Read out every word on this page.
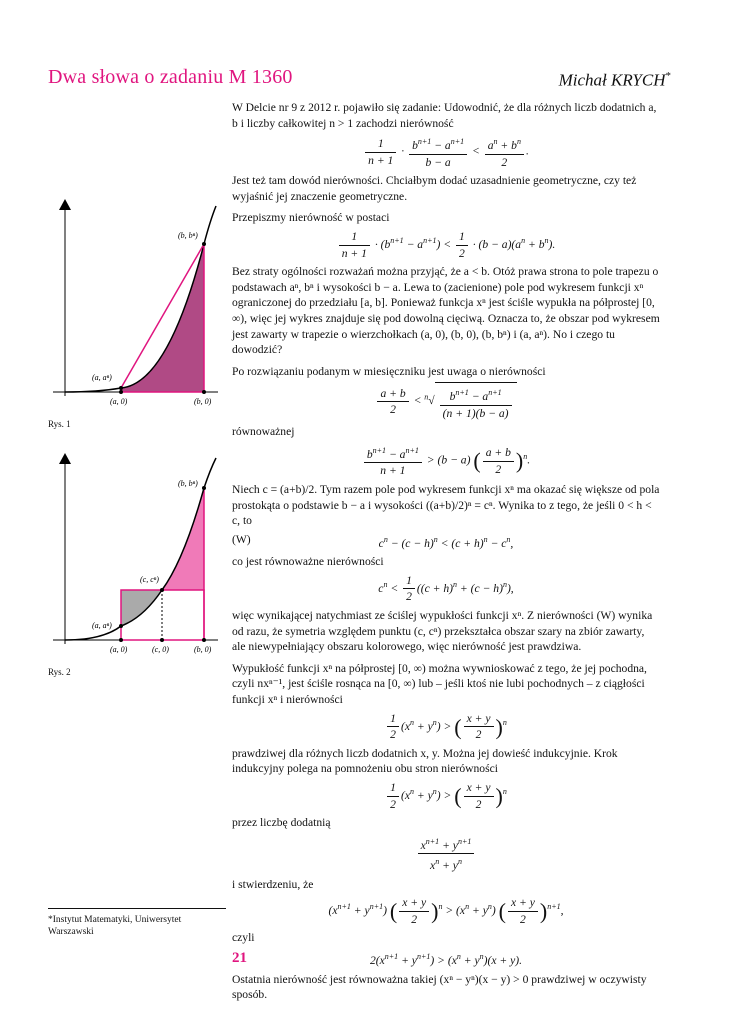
Dwa słowa o zadaniu M 1360	Michał KRYCH*
(b, bⁿ)
(a, aⁿ)
(a, 0)	(b, 0)
Rys. 1
(b, bⁿ)
(c, cⁿ)
(a, aⁿ)
(a, 0)	(c, 0)	(b, 0)
Rys. 2

W Delcie nr 9 z 2012 r. pojawiło się zadanie: Udowodnić, że dla różnych liczb dodatnich a, b i liczby całkowitej n > 1 zachodzi nierówność

$\frac{1}{n + 1} \cdot \frac{b^{n+1} - a^{n+1}}{b - a} < \frac{a^n + b^n}{2}$ .

Jest też tam dowód nierówności. Chciałbym dodać uzasadnienie geometryczne, czy też wyjaśnić jej znaczenie geometryczne.

Przepiszmy nierówność w postaci

$\frac{1}{n + 1} \cdot (b^{n+1} - a^{n+1}) < \frac{1}{2} \cdot (b - a)(a^n + b^n)$.

Bez straty ogólności rozważań można przyjąć, że a < b. Otóż prawa strona to pole trapezu o podstawach aⁿ, bⁿ i wysokości b − a. Lewa to (zacienione) pole pod wykresem funkcji xⁿ ograniczonej do przedziału [a, b]. Ponieważ funkcja xⁿ jest ściśle wypukła na półprostej [0, ∞), więc jej wykres znajduje się pod dowolną cięciwą. Oznacza to, że obszar pod wykresem jest zawarty w trapezie o wierzchołkach (a, 0), (b, 0), (b, bⁿ) i (a, aⁿ). No i czego tu dowodzić?

Po rozwiązaniu podanym w miesięczniku jest uwaga o nierówności

$\frac{a + b}{2} < ^n√ \frac{b^{n+1} - a^{n+1}}{(n + 1)(b - a)}$

równoważnej

$\frac{b^{n+1} - a^{n+1}}{n + 1} > (b - a)$ ( $\frac{a + b}{2} )^n$.

Niech c = (a+b)/2. Tym razem pole pod wykresem funkcji xⁿ ma okazać się większe od pola prostokąta o podstawie b − a i wysokości ((a+b)/2)ⁿ = cⁿ. Wynika to z tego, że jeśli 0 < h < c, to

(W)	$c^n - (c - h)^n < (c + h)^n - c^n$,

co jest równoważne nierówności

$c^n < \frac{1}{2} ((c + h)^n + (c - h)^n)$,

więc wynikającej natychmiast ze ściślej wypukłości funkcji xⁿ. Z nierówności (W) wynika od razu, że symetria względem punktu (c, cⁿ) przekształca obszar szary na zbiór zawarty, ale niewypełniający obszaru kolorowego, więc nierówność jest prawdziwa.

Wypukłość funkcji xⁿ na półprostej [0, ∞) można wywnioskować z tego, że jej pochodna, czyli nxⁿ⁻¹, jest ściśle rosnąca na [0, ∞) lub – jeśli ktoś nie lubi pochodnych – z ciągłości funkcji xⁿ i nierówności

$\frac{1}{2} (x^n + y^n)$ > ( $\frac{x + y}{2} )^n$

prawdziwej dla różnych liczb dodatnich x, y. Można jej dowieść indukcyjnie. Krok indukcyjny polega na pomnożeniu obu stron nierówności

$\frac{1}{2} (x^n + y^n)$ > ( $\frac{x + y}{2} )^n$

przez liczbę dodatnią

$\frac{x^{n+1} + y^{n+1}}{x^n + y^n}$

i stwierdzeniu, że

$(x^{n+1} + y^{n+1})$ ( $\frac{x + y}{2} )^n > (x^n + y^n)$ ( $\frac{x + y}{2} )^{n+1}$,

czyli

$2(x^{n+1} + y^{n+1}) > (x^n + y^n)(x + y)$.

Ostatnia nierówność jest równoważna takiej (xⁿ − yⁿ)(x − y) > 0 prawdziwej w oczywisty sposób.

*Instytut Matematyki, Uniwersytet Warszawski
21
